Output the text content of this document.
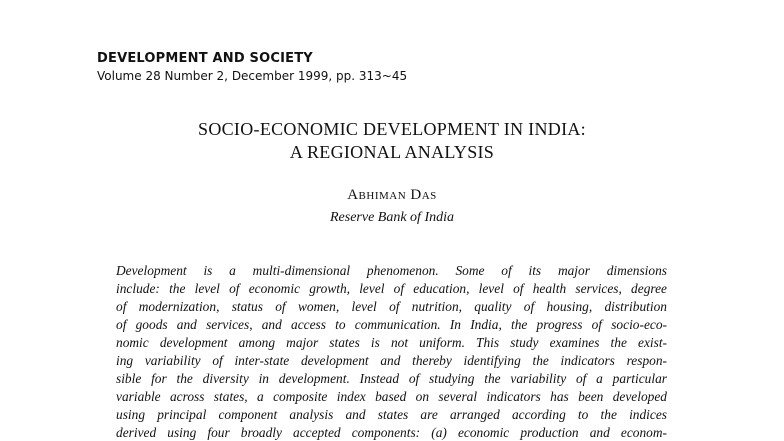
DEVELOPMENT AND SOCIETY
Volume 28 Number 2, December 1999, pp. 313~45
SOCIO-ECONOMIC DEVELOPMENT IN INDIA:
A REGIONAL ANALYSIS
Abhiman Das
Reserve Bank of India
Development is a multi-dimensional phenomenon. Some of its major dimensions
include: the level of economic growth, level of education, level of health services, degree
of modernization, status of women, level of nutrition, quality of housing, distribution
of goods and services, and access to communication. In India, the progress of socio-eco-
nomic development among major states is not uniform. This study examines the exist-
ing variability of inter-state development and thereby identifying the indicators respon-
sible for the diversity in development. Instead of studying the variability of a particular
variable across states, a composite index based on several indicators has been developed
using principal component analysis and states are arranged according to the indices
derived using four broadly accepted components: (a) economic production and econom-
